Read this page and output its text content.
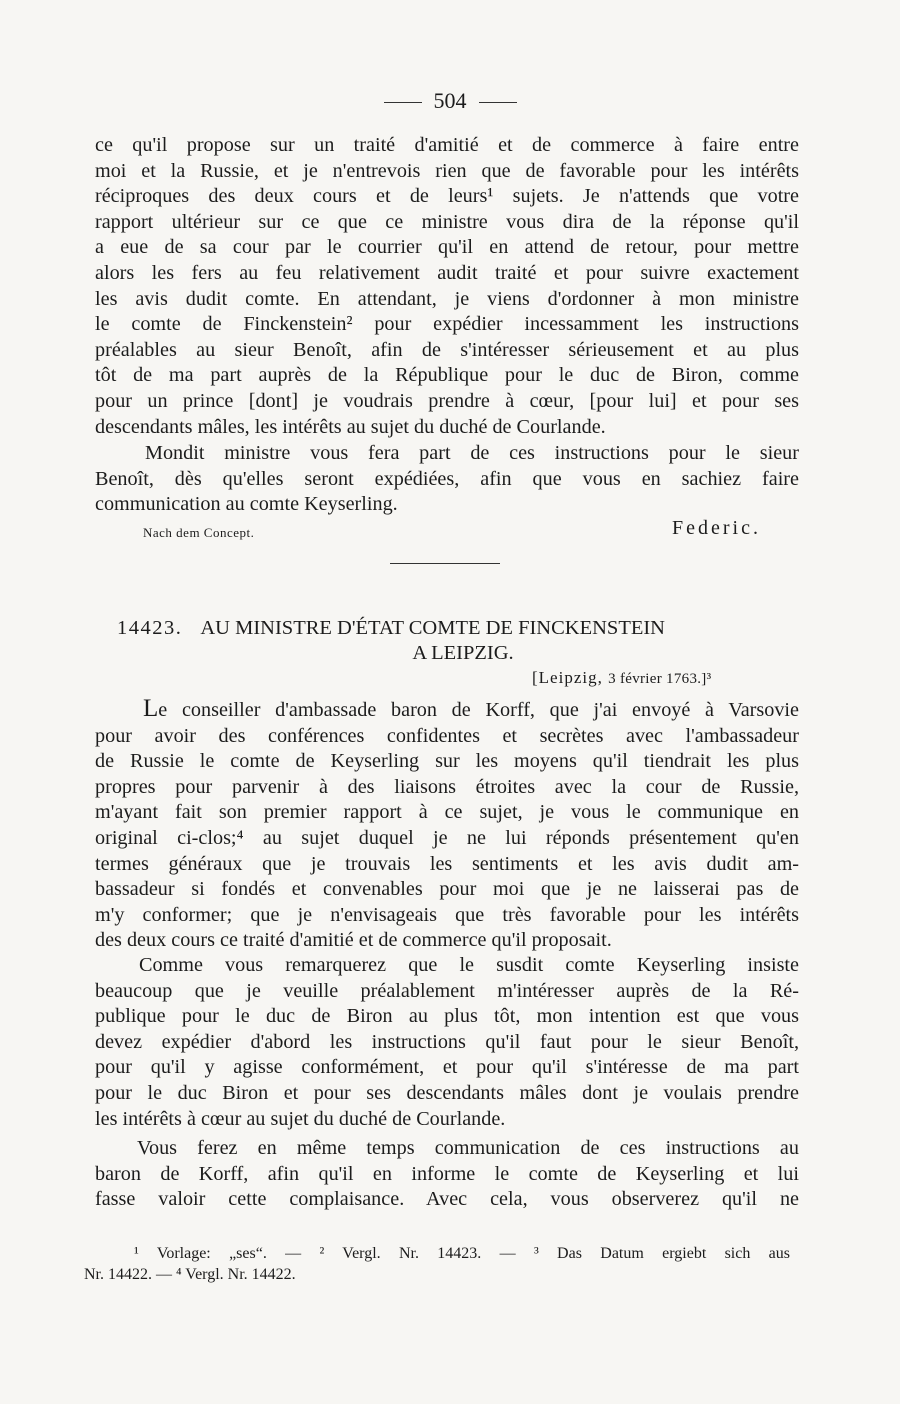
504
ce qu'il propose sur un traité d'amitié et de commerce à faire entre
moi et la Russie, et je n'entrevois rien que de favorable pour les intérêts
réciproques des deux cours et de leurs¹ sujets. Je n'attends que votre
rapport ultérieur sur ce que ce ministre vous dira de la réponse qu'il
a eue de sa cour par le courrier qu'il en attend de retour, pour mettre
alors les fers au feu relativement audit traité et pour suivre exactement
les avis dudit comte. En attendant, je viens d'ordonner à mon ministre
le comte de Finckenstein² pour expédier incessamment les instructions
préalables au sieur Benoît, afin de s'intéresser sérieusement et au plus
tôt de ma part auprès de la République pour le duc de Biron, comme
pour un prince [dont] je voudrais prendre à cœur, [pour lui] et pour ses
descendants mâles, les intérêts au sujet du duché de Courlande.
Mondit ministre vous fera part de ces instructions pour le sieur
Benoît, dès qu'elles seront expédiées, afin que vous en sachiez faire
communication au comte Keyserling.
Nach dem Concept.	Federic.
14423. AU MINISTRE D'ÉTAT COMTE DE FINCKENSTEIN
A LEIPZIG.
[Leipzig, 3 février 1763.]³
Le conseiller d'ambassade baron de Korff, que j'ai envoyé à Varsovie
pour avoir des conférences confidentes et secrètes avec l'ambassadeur
de Russie le comte de Keyserling sur les moyens qu'il tiendrait les plus
propres pour parvenir à des liaisons étroites avec la cour de Russie,
m'ayant fait son premier rapport à ce sujet, je vous le communique en
original ci-clos;⁴ au sujet duquel je ne lui réponds présentement qu'en
termes généraux que je trouvais les sentiments et les avis dudit am-
bassadeur si fondés et convenables pour moi que je ne laisserai pas de
m'y conformer; que je n'envisageais que très favorable pour les intérêts
des deux cours ce traité d'amitié et de commerce qu'il proposait.
Comme vous remarquerez que le susdit comte Keyserling insiste
beaucoup que je veuille préalablement m'intéresser auprès de la Ré-
publique pour le duc de Biron au plus tôt, mon intention est que vous
devez expédier d'abord les instructions qu'il faut pour le sieur Benoît,
pour qu'il y agisse conformément, et pour qu'il s'intéresse de ma part
pour le duc Biron et pour ses descendants mâles dont je voulais prendre
les intérêts à cœur au sujet du duché de Courlande.
Vous ferez en même temps communication de ces instructions au
baron de Korff, afin qu'il en informe le comte de Keyserling et lui
fasse valoir cette complaisance. Avec cela, vous observerez qu'il ne
¹ Vorlage: „ses“. — ² Vergl. Nr. 14423. — ³ Das Datum ergiebt sich aus
Nr. 14422. — ⁴ Vergl. Nr. 14422.
